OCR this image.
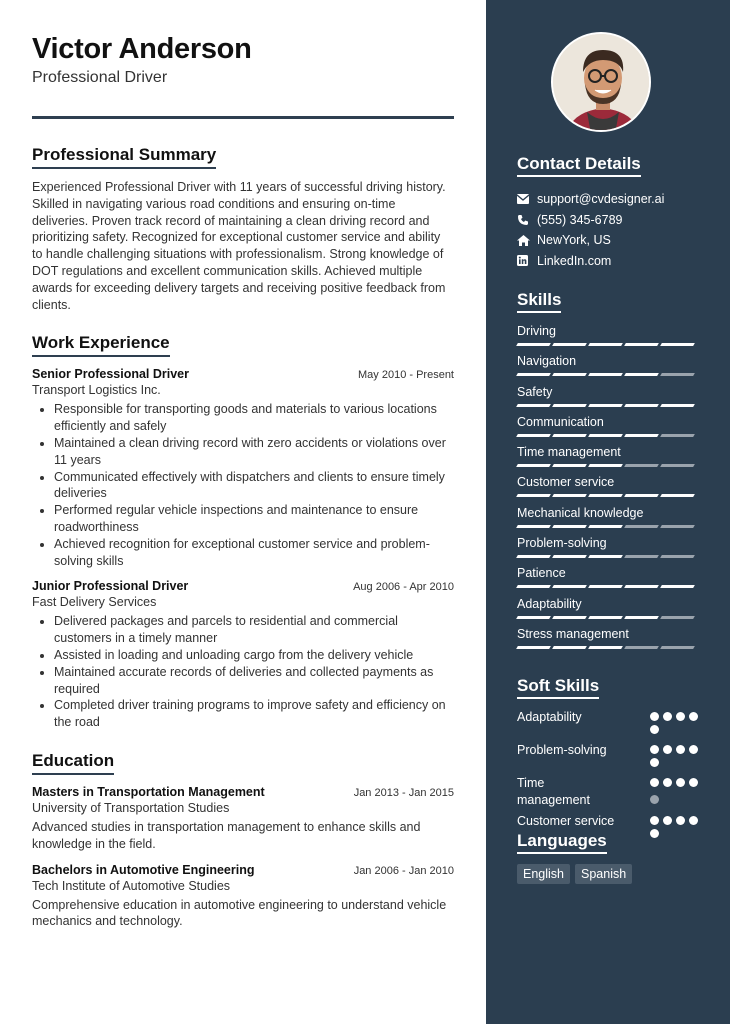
Victor Anderson
Professional Driver
Professional Summary
Experienced Professional Driver with 11 years of successful driving history. Skilled in navigating various road conditions and ensuring on-time deliveries. Proven track record of maintaining a clean driving record and prioritizing safety. Recognized for exceptional customer service and ability to handle challenging situations with professionalism. Strong knowledge of DOT regulations and excellent communication skills. Achieved multiple awards for exceeding delivery targets and receiving positive feedback from clients.
Work Experience
Senior Professional Driver	May 2010 - Present
Transport Logistics Inc.
• Responsible for transporting goods and materials to various locations efficiently and safely
• Maintained a clean driving record with zero accidents or violations over 11 years
• Communicated effectively with dispatchers and clients to ensure timely deliveries
• Performed regular vehicle inspections and maintenance to ensure roadworthiness
• Achieved recognition for exceptional customer service and problem-solving skills
Junior Professional Driver	Aug 2006 - Apr 2010
Fast Delivery Services
• Delivered packages and parcels to residential and commercial customers in a timely manner
• Assisted in loading and unloading cargo from the delivery vehicle
• Maintained accurate records of deliveries and collected payments as required
• Completed driver training programs to improve safety and efficiency on the road
Education
Masters in Transportation Management	Jan 2013 - Jan 2015
University of Transportation Studies
Advanced studies in transportation management to enhance skills and knowledge in the field.
Bachelors in Automotive Engineering	Jan 2006 - Jan 2010
Tech Institute of Automotive Studies
Comprehensive education in automotive engineering to understand vehicle mechanics and technology.
Contact Details
support@cvdesigner.ai
(555) 345-6789
NewYork, US
LinkedIn.com
Skills
Driving
Navigation
Safety
Communication
Time management
Customer service
Mechanical knowledge
Problem-solving
Patience
Adaptability
Stress management
Soft Skills
Adaptability
Problem-solving
Time management
Customer service
Languages
English	Spanish
